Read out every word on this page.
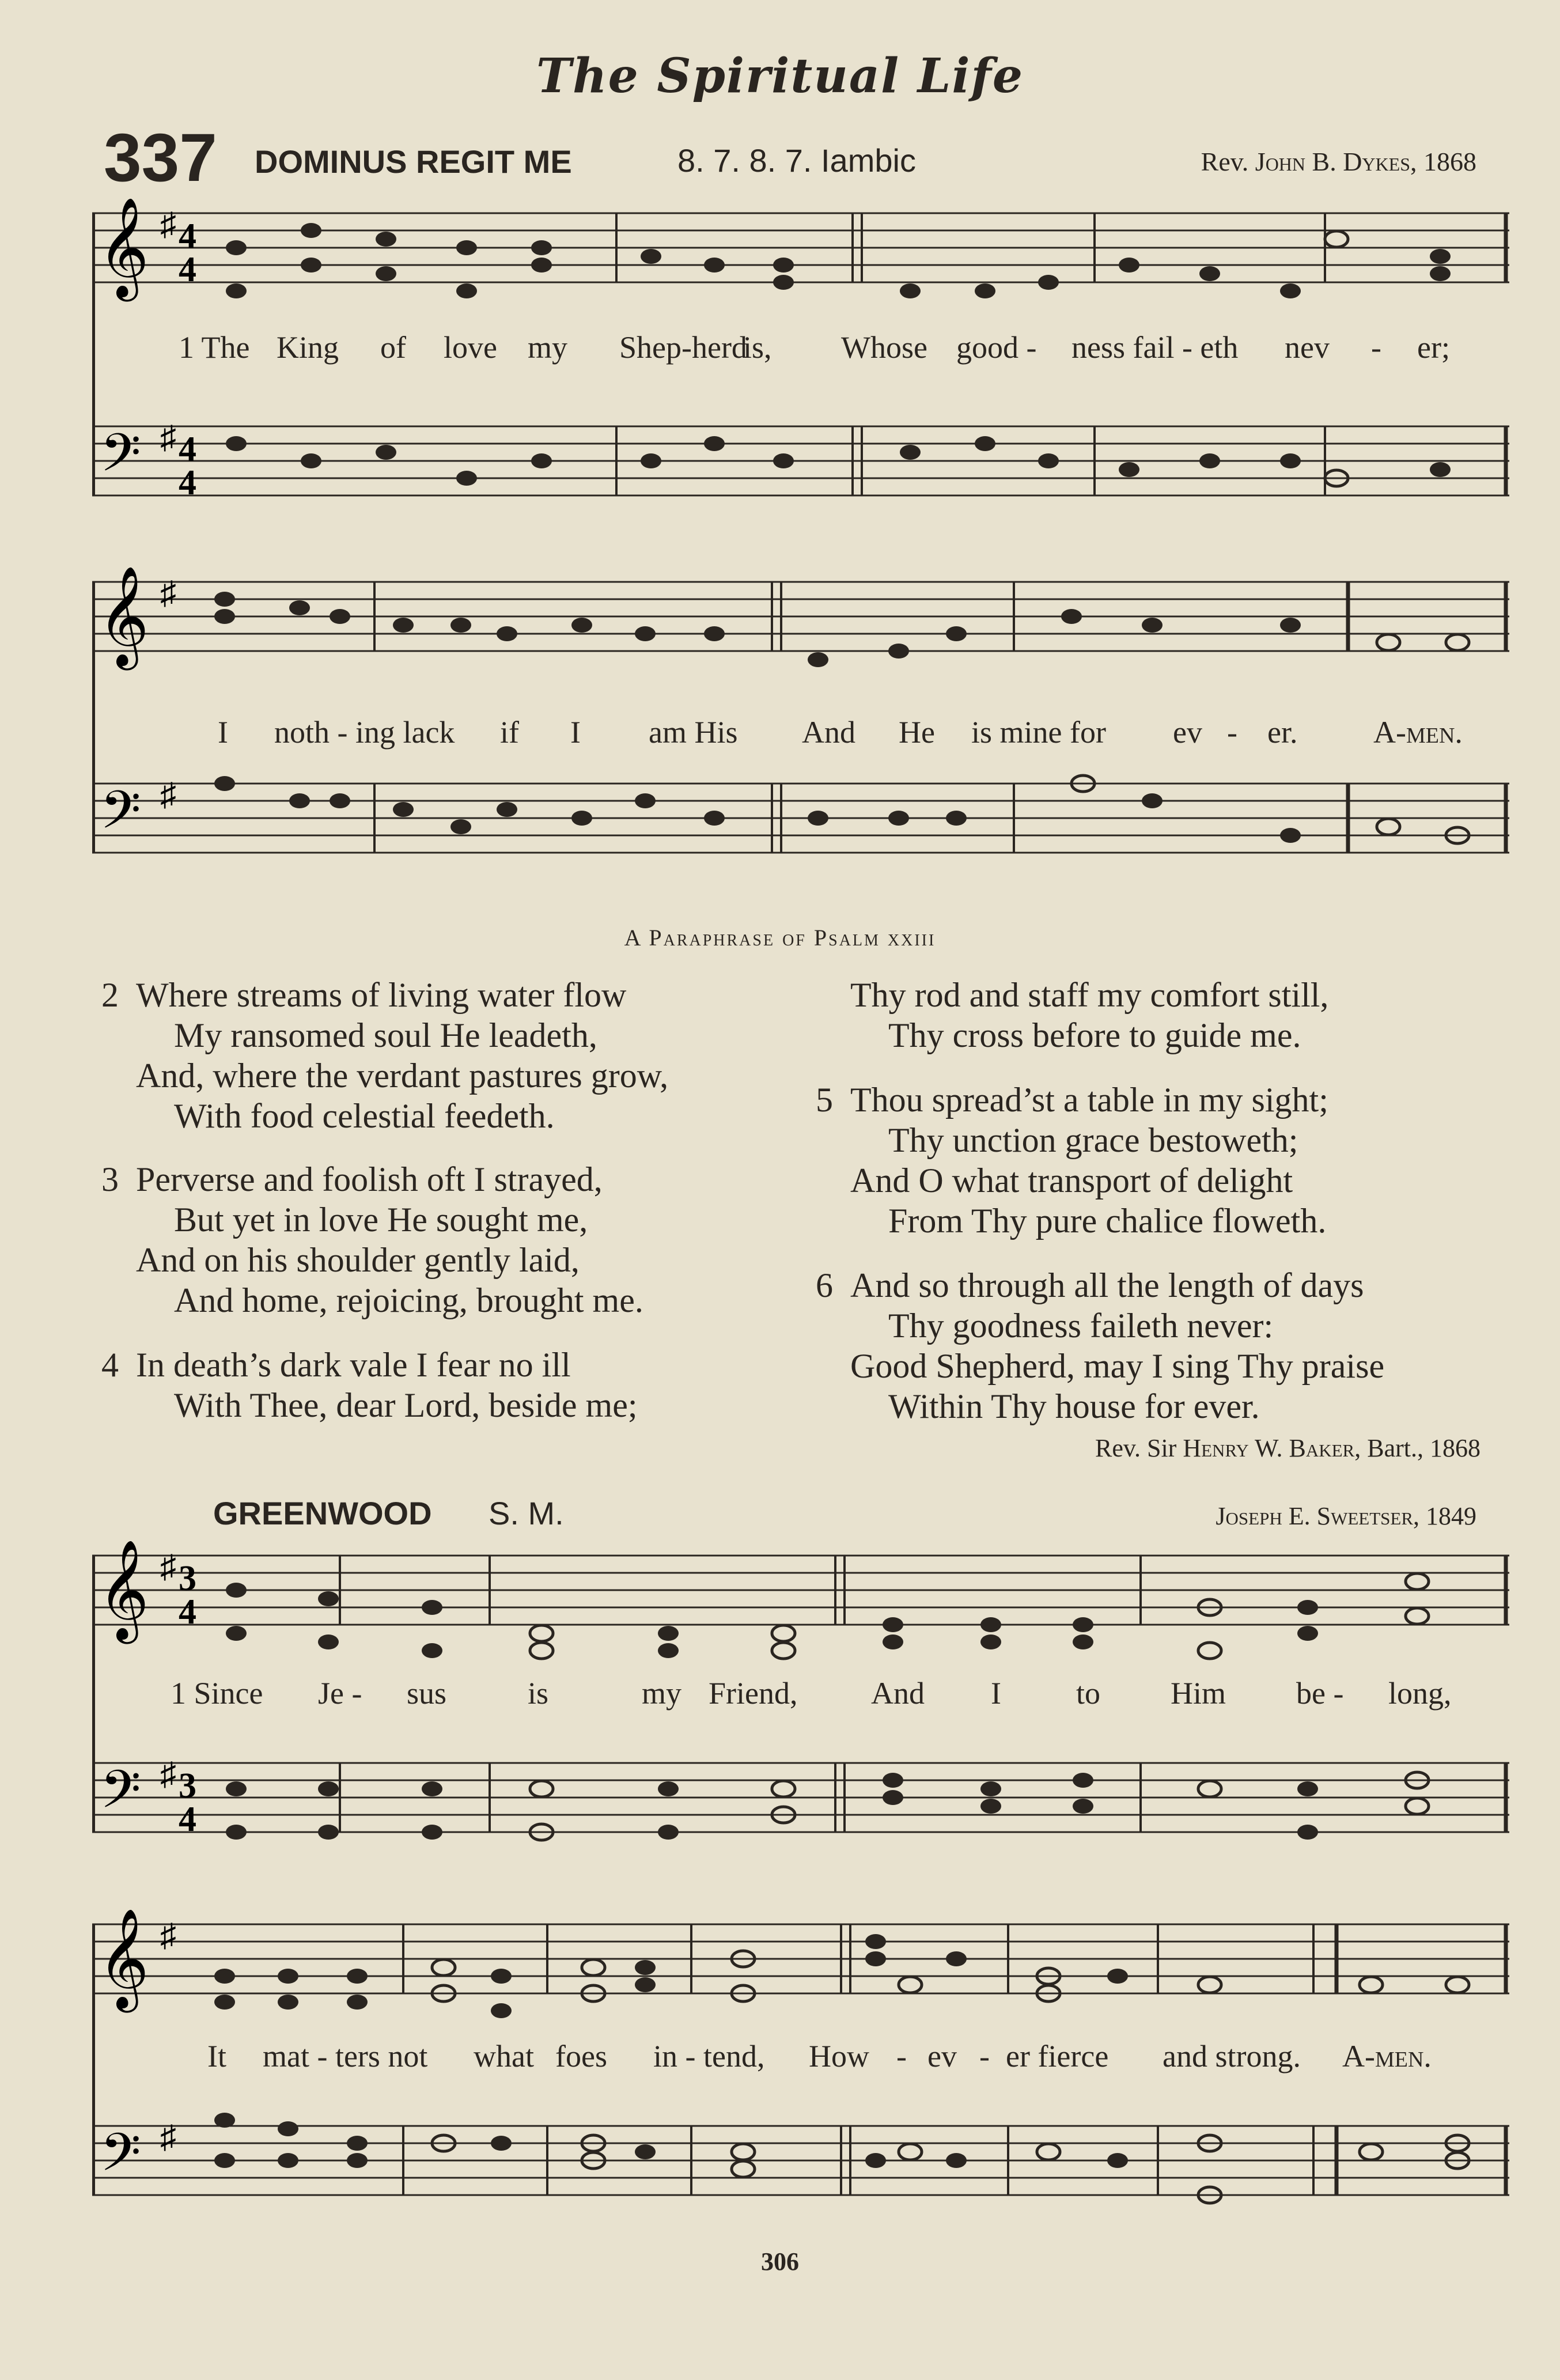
The Spiritual Life
337 DOMINUS REGIT ME	8. 7. 8. 7. Iambic	Rev. John B. Dykes, 1868
𝄞
𝄢
♯
♯
4
4
4
4
1 The King of love my Shep-herd
is, Whose good - ness fail - eth nev - er;
𝄞
𝄢
♯
♯
I noth - ing lack if I am His And He is mine for ev - er. A-men.
A Paraphrase of Psalm xxiii
2 Where streams of living water flow
My ransomed soul He leadeth,
And, where the verdant pastures grow,
With food celestial feedeth.
3 Perverse and foolish oft I strayed,
But yet in love He sought me,
And on his shoulder gently laid,
And home, rejoicing, brought me.
4 In death’s dark vale I fear no ill
With Thee, dear Lord, beside me;
Thy rod and staff my comfort still,
Thy cross before to guide me.
5 Thou spread’st a table in my sight;
Thy unction grace bestoweth;
And O what transport of delight
From Thy pure chalice floweth.
6 And so through all the length of days
Thy goodness faileth never:
Good Shepherd, may I sing Thy praise
Within Thy house for ever.
Rev. Sir Henry W. Baker, Bart., 1868
GREENWOOD S. M.	Joseph E. Sweetser, 1849
𝄞
𝄢
♯
♯
3
4
3
4
1 Since Je - sus	is	my Friend, And I to Him be - long,
𝄞
𝄢
♯
♯
It mat - ters not what foes in - tend, How - ev - er fierce and strong. A-men.
306
